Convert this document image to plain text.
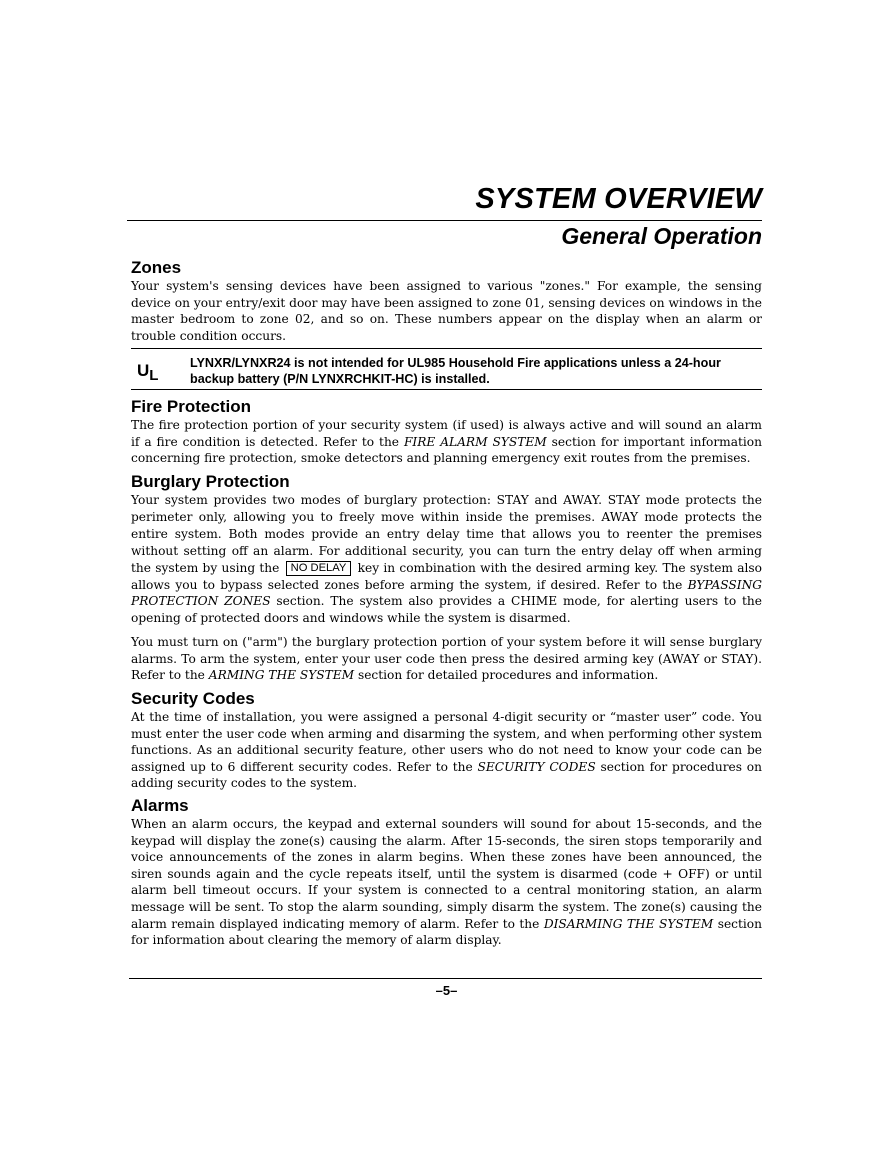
SYSTEM OVERVIEW
General Operation
Zones

Your system's sensing devices have been assigned to various "zones." For example, the sensing device on your entry/exit door may have been assigned to zone 01, sensing devices on windows in the master bedroom to zone 02, and so on. These numbers appear on the display when an alarm or trouble condition occurs.

UL
LYNXR/LYNXR24 is not intended for UL985 Household Fire applications unless a 24-hour backup battery (P/N LYNXRCHKIT-HC) is installed.
Fire Protection

The fire protection portion of your security system (if used) is always active and will sound an alarm if a fire condition is detected. Refer to the FIRE ALARM SYSTEM section for important information concerning fire protection, smoke detectors and planning emergency exit routes from the premises.

Burglary Protection

Your system provides two modes of burglary protection: STAY and AWAY. STAY mode protects the perimeter only, allowing you to freely move within inside the premises. AWAY mode protects the entire system. Both modes provide an entry delay time that allows you to reenter the premises without setting off an alarm. For additional security, you can turn the entry delay off when arming the system by using the NO DELAY key in combination with the desired arming key. The system also allows you to bypass selected zones before arming the system, if desired. Refer to the BYPASSING PROTECTION ZONES section. The system also provides a CHIME mode, for alerting users to the opening of protected doors and windows while the system is disarmed.

You must turn on ("arm") the burglary protection portion of your system before it will sense burglary alarms. To arm the system, enter your user code then press the desired arming key (AWAY or STAY). Refer to the ARMING THE SYSTEM section for detailed procedures and information.

Security Codes

At the time of installation, you were assigned a personal 4-digit security or “master user” code. You must enter the user code when arming and disarming the system, and when performing other system functions. As an additional security feature, other users who do not need to know your code can be assigned up to 6 different security codes. Refer to the SECURITY CODES section for procedures on adding security codes to the system.

Alarms

When an alarm occurs, the keypad and external sounders will sound for about 15-seconds, and the keypad will display the zone(s) causing the alarm. After 15-seconds, the siren stops temporarily and voice announcements of the zones in alarm begins. When these zones have been announced, the siren sounds again and the cycle repeats itself, until the system is disarmed (code + OFF) or until alarm bell timeout occurs. If your system is connected to a central monitoring station, an alarm message will be sent. To stop the alarm sounding, simply disarm the system. The zone(s) causing the alarm remain displayed indicating memory of alarm. Refer to the DISARMING THE SYSTEM section for information about clearing the memory of alarm display.

–5–
